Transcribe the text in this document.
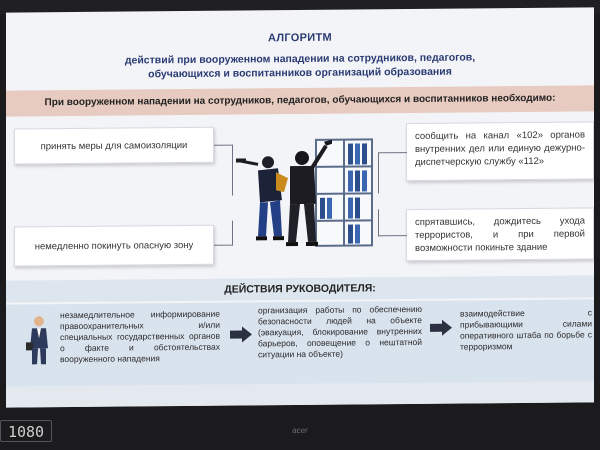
АЛГОРИТМ
действий при вооруженном нападении на сотрудников, педагогов,
обучающихся и воспитанников организаций образования
При вооруженном нападении на сотрудников, педагогов, обучающихся и воспитанников необходимо:
принять меры для самоизоляции
немедленно покинуть опасную зону
сообщить на канал «102» органов внутренних дел или единую дежурно-диспетчерскую службу «112»
спрятавшись, дождитесь ухода террористов, и при первой возможности покиньте здание
ДЕЙСТВИЯ РУКОВОДИТЕЛЯ:
незамедлительное информирование правоохранительных и/или специальных государственных органов о факте и обстоятельствах вооруженного нападения
организация работы по обеспечению безопасности людей на объекте (эвакуация, блокирование внутренних барьеров, оповещение о нештатной ситуации на объекте)
взаимодействие с прибывающими силами оперативного штаба по борьбе с терроризмом
1080	acer
